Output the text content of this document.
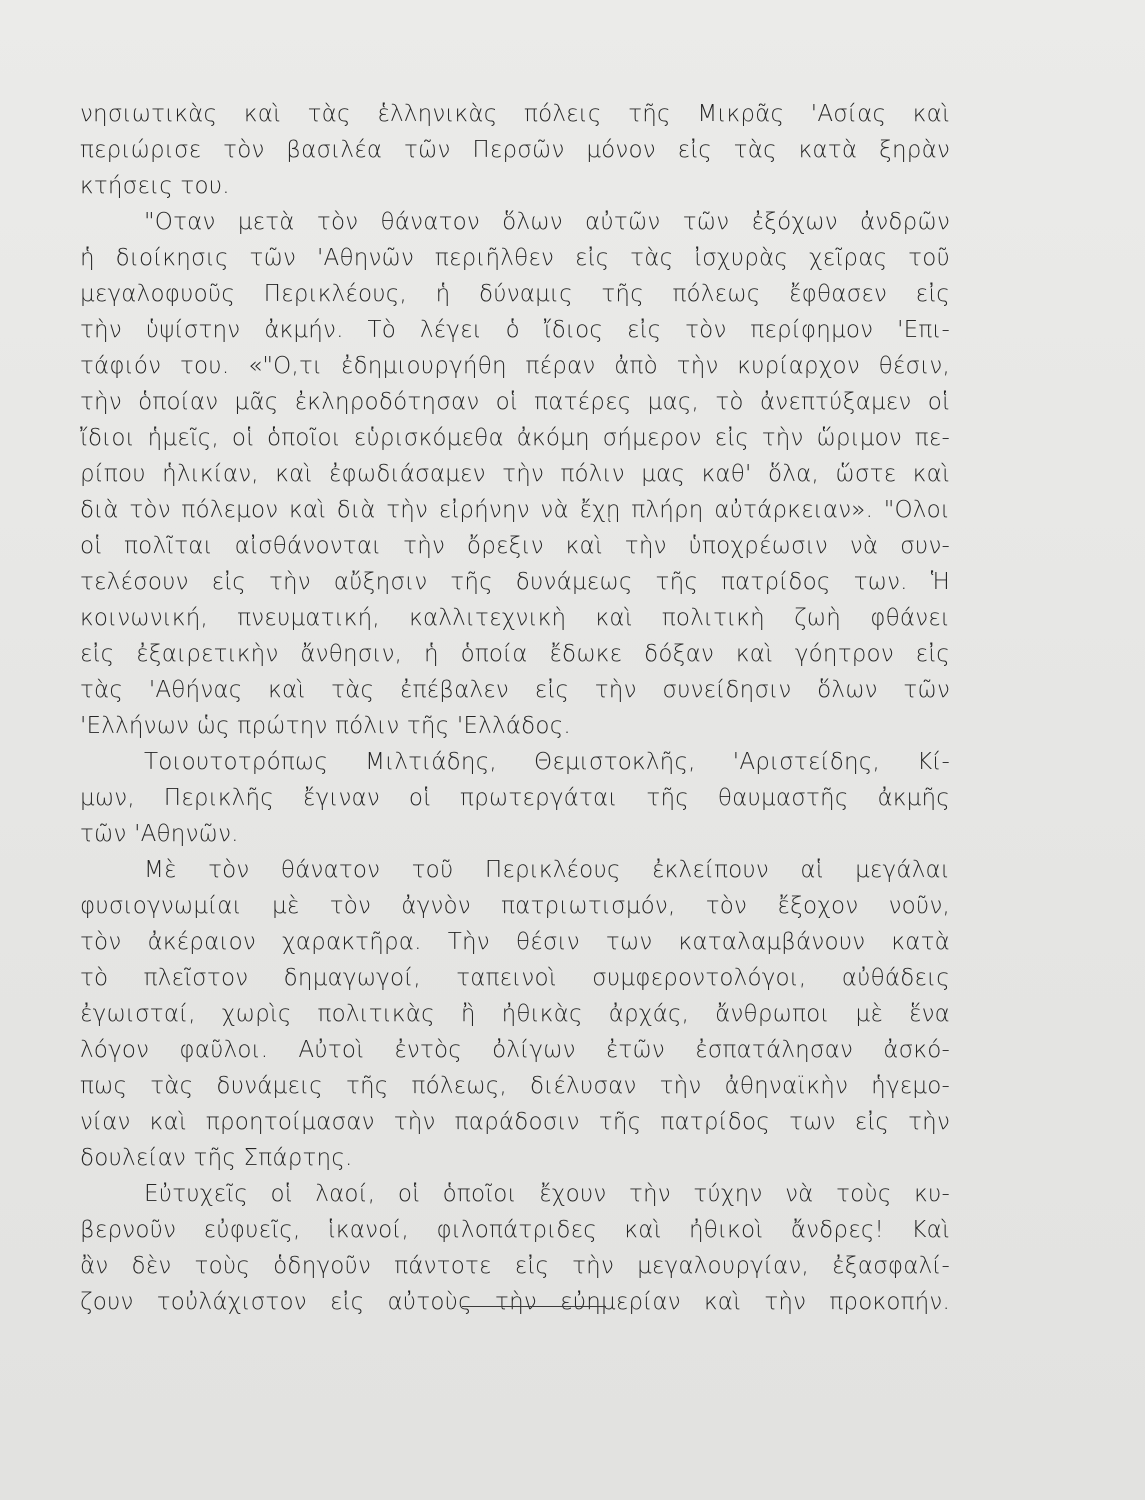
νησιωτικὰς καὶ τὰς ἑλληνικὰς πόλεις τῆς Μικρᾶς 'Ασίας καὶ
περιώρισε τὸν βασιλέα τῶν Περσῶν μόνον εἰς τὰς κατὰ ξηρὰν
κτήσεις του.
"Οταν μετὰ τὸν θάνατον ὅλων αὐτῶν τῶν ἐξόχων ἀνδρῶν
ἡ διοίκησις τῶν 'Αθηνῶν περιῆλθεν εἰς τὰς ἰσχυρὰς χεῖρας τοῦ
μεγαλοφυοῦς Περικλέους, ἡ δύναμις τῆς πόλεως ἔφθασεν εἰς
τὴν ὑψίστην ἀκμήν. Τὸ λέγει ὁ ἴδιος εἰς τὸν περίφημον 'Επι-
τάφιόν του. «"Ο,τι ἐδημιουργήθη πέραν ἀπὸ τὴν κυρίαρχον θέσιν,
τὴν ὁποίαν μᾶς ἐκληροδότησαν οἱ πατέρες μας, τὸ ἀνεπτύξαμεν οἱ
ἴδιοι ἡμεῖς, οἱ ὁποῖοι εὑρισκόμεθα ἀκόμη σήμερον εἰς τὴν ὥριμον πε-
ρίπου ἡλικίαν, καὶ ἐφωδιάσαμεν τὴν πόλιν μας καθ' ὅλα, ὥστε καὶ
διὰ τὸν πόλεμον καὶ διὰ τὴν εἰρήνην νὰ ἔχῃ πλήρη αὐτάρκειαν». "Ολοι
οἱ πολῖται αἰσθάνονται τὴν ὄρεξιν καὶ τὴν ὑποχρέωσιν νὰ συν-
τελέσουν εἰς τὴν αὔξησιν τῆς δυνάμεως τῆς πατρίδος των. Ἡ
κοινωνική, πνευματική, καλλιτεχνικὴ καὶ πολιτικὴ ζωὴ φθάνει
εἰς ἐξαιρετικὴν ἄνθησιν, ἡ ὁποία ἔδωκε δόξαν καὶ γόητρον εἰς
τὰς 'Αθήνας καὶ τὰς ἐπέβαλεν εἰς τὴν συνείδησιν ὅλων τῶν
'Ελλήνων ὡς πρώτην πόλιν τῆς 'Ελλάδος.
Τοιουτοτρόπως Μιλτιάδης, Θεμιστοκλῆς, 'Αριστείδης, Κί-
μων, Περικλῆς ἔγιναν οἱ πρωτεργάται τῆς θαυμαστῆς ἀκμῆς
τῶν 'Αθηνῶν.
Μὲ τὸν θάνατον τοῦ Περικλέους ἐκλείπουν αἱ μεγάλαι
φυσιογνωμίαι μὲ τὸν ἀγνὸν πατριωτισμόν, τὸν ἔξοχον νοῦν,
τὸν ἀκέραιον χαρακτῆρα. Τὴν θέσιν των καταλαμβάνουν κατὰ
τὸ πλεῖστον δημαγωγοί, ταπεινοὶ συμφεροντολόγοι, αὐθάδεις
ἐγωισταί, χωρὶς πολιτικὰς ἢ ἠθικὰς ἀρχάς, ἄνθρωποι μὲ ἕνα
λόγον φαῦλοι. Αὐτοὶ ἐντὸς ὀλίγων ἐτῶν ἐσπατάλησαν ἀσκό-
πως τὰς δυνάμεις τῆς πόλεως, διέλυσαν τὴν ἀθηναϊκὴν ἡγεμο-
νίαν καὶ προητοίμασαν τὴν παράδοσιν τῆς πατρίδος των εἰς τὴν
δουλείαν τῆς Σπάρτης.
Εὐτυχεῖς οἱ λαοί, οἱ ὁποῖοι ἔχουν τὴν τύχην νὰ τοὺς κυ-
βερνοῦν εὐφυεῖς, ἱκανοί, φιλοπάτριδες καὶ ἠθικοὶ ἄνδρες! Καὶ
ἂν δὲν τοὺς ὁδηγοῦν πάντοτε εἰς τὴν μεγαλουργίαν, ἐξασφαλί-
ζουν τοὐλάχιστον εἰς αὐτοὺς τὴν εὐημερίαν καὶ τὴν προκοπήν.
